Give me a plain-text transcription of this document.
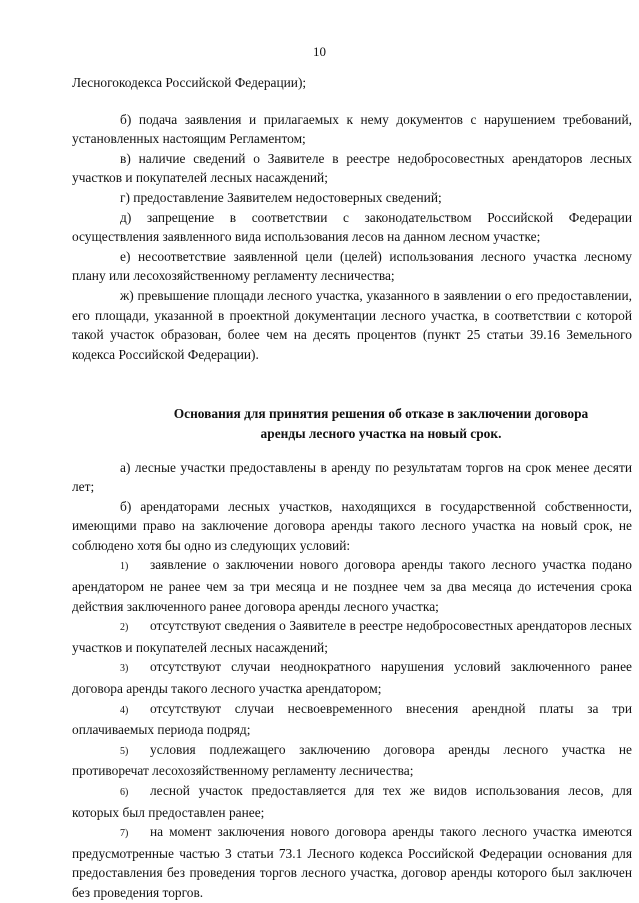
10

Лесногокодекса Российской Федерации);

б) подача заявления и прилагаемых к нему документов с нарушением требований, установленных настоящим Регламентом;

в) наличие сведений о Заявителе в реестре недобросовестных арендаторов лесных участков и покупателей лесных насаждений;

г) предоставление Заявителем недостоверных сведений;

д) запрещение в соответствии с законодательством Российской Федерации осуществления заявленного вида использования лесов на данном лесном участке;

е) несоответствие заявленной цели (целей) использования лесного участка лесному плану или лесохозяйственному регламенту лесничества;

ж) превышение площади лесного участка, указанного в заявлении о его предоставлении, его площади, указанной в проектной документации лесного участка, в соответствии с которой такой участок образован, более чем на десять процентов (пункт 25 статьи 39.16 Земельного кодекса Российской Федерации).

Основания для принятия решения об отказе в заключении договора
аренды лесного участка на новый срок.

а) лесные участки предоставлены в аренду по результатам торгов на срок менее десяти лет;

б) арендаторами лесных участков, находящихся в государственной собственности, имеющими право на заключение договора аренды такого лесного участка на новый срок, не соблюдено хотя бы одно из следующих условий:

1) заявление о заключении нового договора аренды такого лесного участка подано арендатором не ранее чем за три месяца и не позднее чем за два месяца до истечения срока действия заключенного ранее договора аренды лесного участка;

2) отсутствуют сведения о Заявителе в реестре недобросовестных арендаторов лесных участков и покупателей лесных насаждений;

3) отсутствуют случаи неоднократного нарушения условий заключенного ранее договора аренды такого лесного участка арендатором;

4) отсутствуют случаи несвоевременного внесения арендной платы за три оплачиваемых периода подряд;

5) условия подлежащего заключению договора аренды лесного участка не противоречат лесохозяйственному регламенту лесничества;

6) лесной участок предоставляется для тех же видов использования лесов, для которых был предоставлен ранее;

7) на момент заключения нового договора аренды такого лесного участка имеются предусмотренные частью 3 статьи 73.1 Лесного кодекса Российской Федерации основания для предоставления без проведения торгов лесного участка, договор аренды которого был заключен без проведения торгов.
